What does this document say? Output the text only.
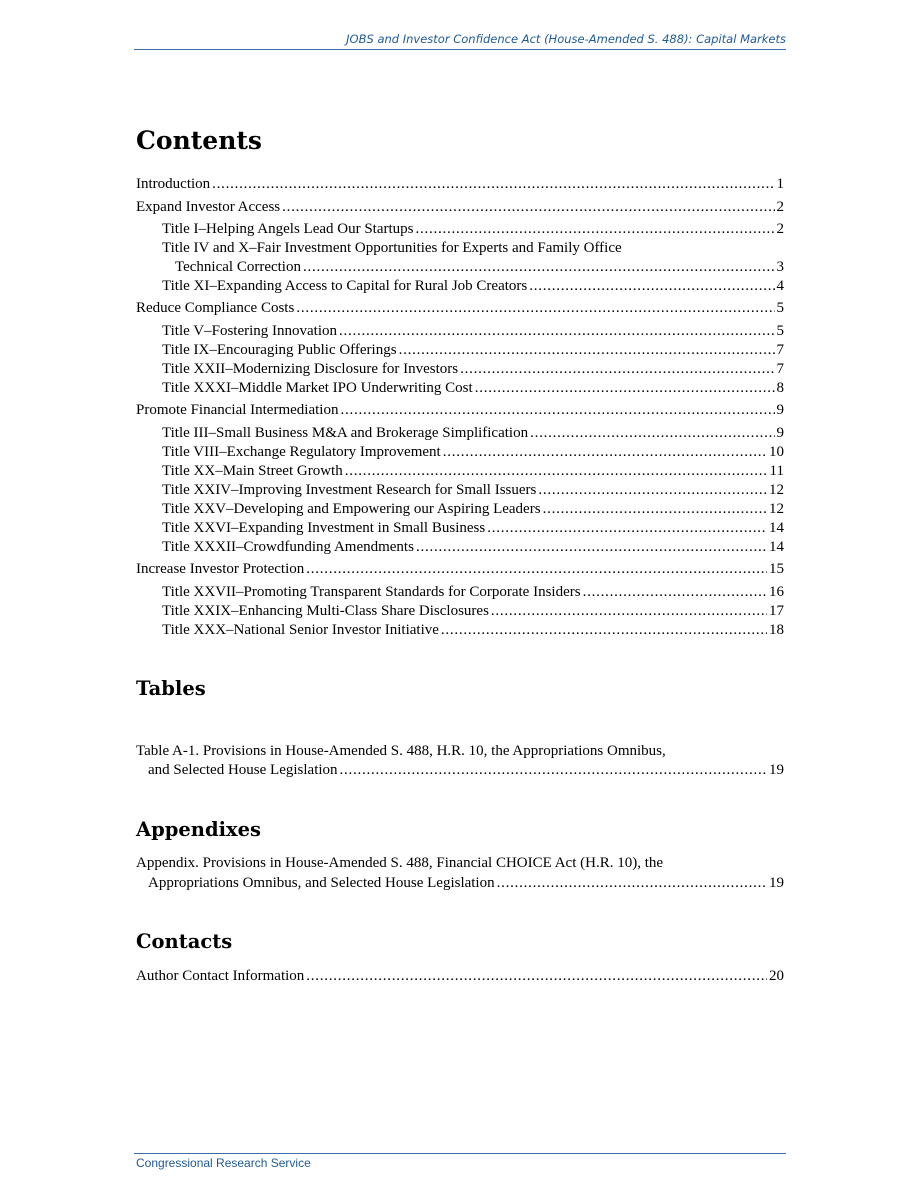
JOBS and Investor Confidence Act (House-Amended S. 488): Capital Markets
Contents
Introduction . . .	1
Expand Investor Access . . .	2
Title I–Helping Angels Lead Our Startups . . .	2
Title IV and X–Fair Investment Opportunities for Experts and Family Office
Technical Correction . . .	3
Title XI–Expanding Access to Capital for Rural Job Creators . . .	4
Reduce Compliance Costs . . .	5
Title V–Fostering Innovation . . .	5
Title IX–Encouraging Public Offerings . . .	7
Title XXII–Modernizing Disclosure for Investors . . .	7
Title XXXI–Middle Market IPO Underwriting Cost . . .	8
Promote Financial Intermediation . . .	9
Title III–Small Business M&A and Brokerage Simplification . . .	9
Title VIII–Exchange Regulatory Improvement . . .	10
Title XX–Main Street Growth . . .	11
Title XXIV–Improving Investment Research for Small Issuers . . .	12
Title XXV–Developing and Empowering our Aspiring Leaders . . .	12
Title XXVI–Expanding Investment in Small Business . . .	14
Title XXXII–Crowdfunding Amendments . . .	14
Increase Investor Protection . . .	15
Title XXVII–Promoting Transparent Standards for Corporate Insiders . . .	16
Title XXIX–Enhancing Multi-Class Share Disclosures . . .	17
Title XXX–National Senior Investor Initiative . . .	18
Table A-1. Provisions in House-Amended S. 488, H.R. 10, the Appropriations Omnibus,
and Selected House Legislation . . .	19
Appendix. Provisions in House-Amended S. 488, Financial CHOICE Act (H.R. 10), the
Appropriations Omnibus, and Selected House Legislation . . .	19
Author Contact Information . . .	20
Tables
Appendixes
Contacts
Congressional Research Service
